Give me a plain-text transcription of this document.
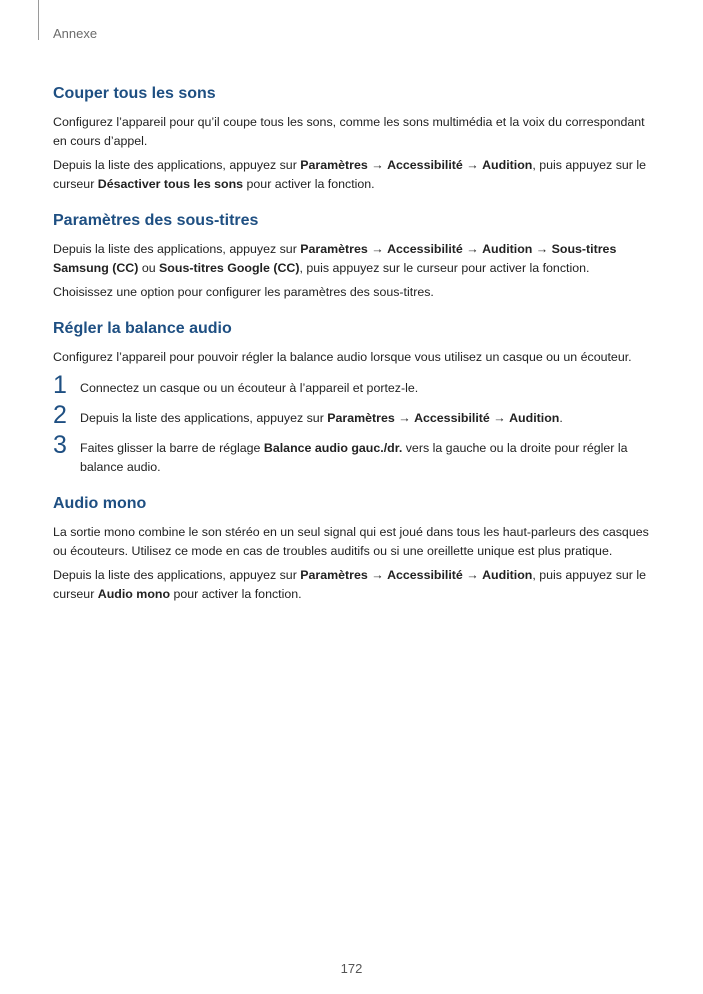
Annexe
Couper tous les sons

Configurez l’appareil pour qu’il coupe tous les sons, comme les sons multimédia et la voix du correspondant en cours d’appel.

Depuis la liste des applications, appuyez sur Paramètres → Accessibilité → Audition, puis appuyez sur le curseur Désactiver tous les sons pour activer la fonction.

Paramètres des sous-titres

Depuis la liste des applications, appuyez sur Paramètres → Accessibilité → Audition → Sous-titres Samsung (CC) ou Sous-titres Google (CC), puis appuyez sur le curseur pour activer la fonction.

Choisissez une option pour configurer les paramètres des sous-titres.

Régler la balance audio

Configurez l’appareil pour pouvoir régler la balance audio lorsque vous utilisez un casque ou un écouteur.

1 Connectez un casque ou un écouteur à l’appareil et portez-le.

2 Depuis la liste des applications, appuyez sur Paramètres → Accessibilité → Audition.

3 Faites glisser la barre de réglage Balance audio gauc./dr. vers la gauche ou la droite pour régler la balance audio.

Audio mono

La sortie mono combine le son stéréo en un seul signal qui est joué dans tous les haut-parleurs des casques ou écouteurs. Utilisez ce mode en cas de troubles auditifs ou si une oreillette unique est plus pratique.

Depuis la liste des applications, appuyez sur Paramètres → Accessibilité → Audition, puis appuyez sur le curseur Audio mono pour activer la fonction.

172
